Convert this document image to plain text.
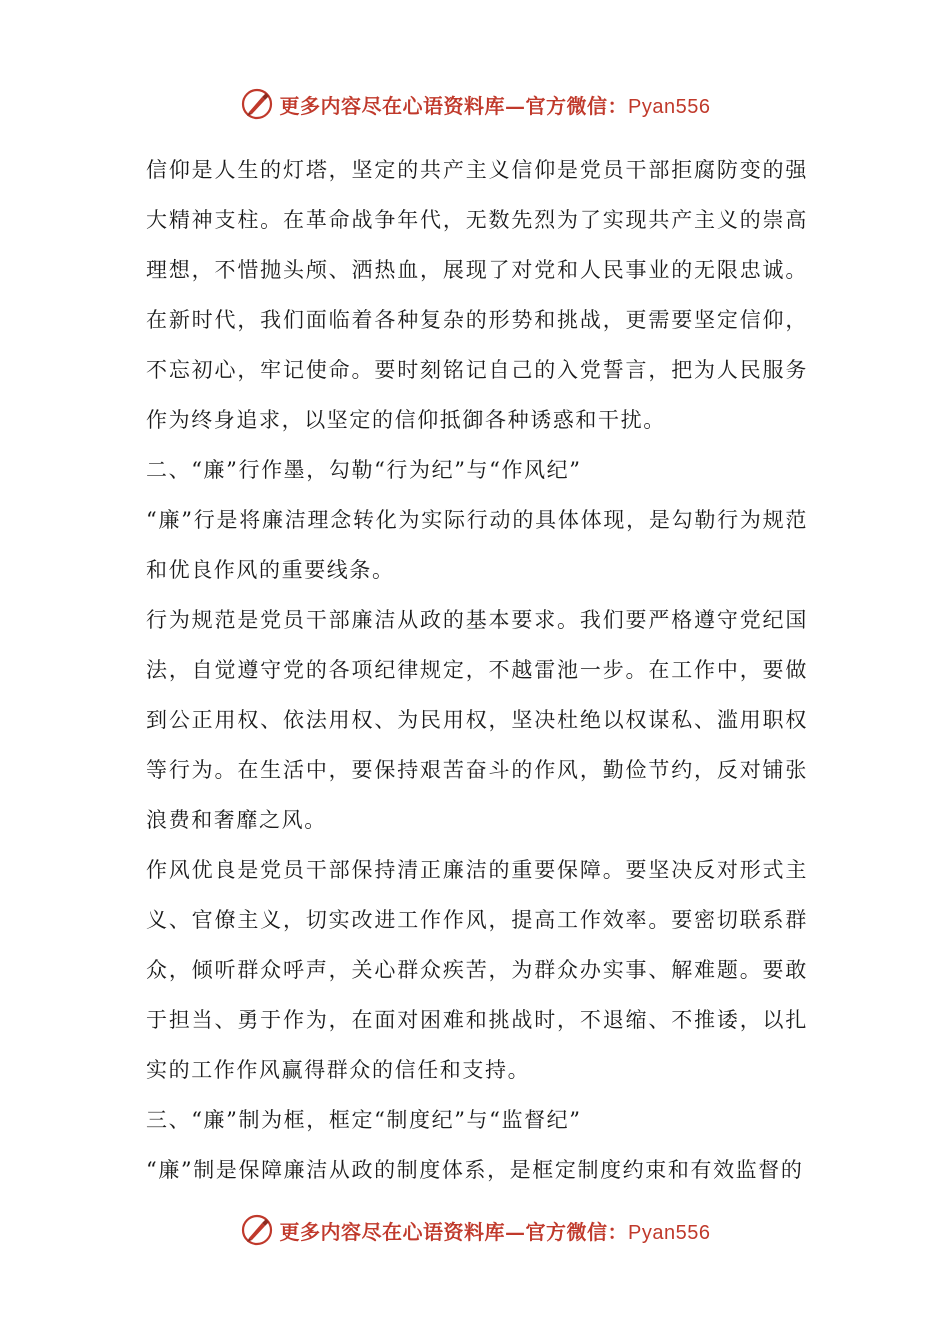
更多内容尽在心语资料库—官方微信：Pyan556

信仰是人生的灯塔，坚定的共产主义信仰是党员干部拒腐防变的强大精神支柱。在革命战争年代，无数先烈为了实现共产主义的崇高理想，不惜抛头颅、洒热血，展现了对党和人民事业的无限忠诚。在新时代，我们面临着各种复杂的形势和挑战，更需要坚定信仰，不忘初心，牢记使命。要时刻铭记自己的入党誓言，把为人民服务作为终身追求，以坚定的信仰抵御各种诱惑和干扰。

二、“廉”行作墨，勾勒“行为纪”与“作风纪”

“廉”行是将廉洁理念转化为实际行动的具体体现，是勾勒行为规范和优良作风的重要线条。

行为规范是党员干部廉洁从政的基本要求。我们要严格遵守党纪国法，自觉遵守党的各项纪律规定，不越雷池一步。在工作中，要做到公正用权、依法用权、为民用权，坚决杜绝以权谋私、滥用职权等行为。在生活中，要保持艰苦奋斗的作风，勤俭节约，反对铺张浪费和奢靡之风。

作风优良是党员干部保持清正廉洁的重要保障。要坚决反对形式主义、官僚主义，切实改进工作作风，提高工作效率。要密切联系群众，倾听群众呼声，关心群众疾苦，为群众办实事、解难题。要敢于担当、勇于作为，在面对困难和挑战时，不退缩、不推诿，以扎实的工作作风赢得群众的信任和支持。

三、“廉”制为框，框定“制度纪”与“监督纪”

“廉”制是保障廉洁从政的制度体系，是框定制度约束和有效监督的

更多内容尽在心语资料库—官方微信：Pyan556
